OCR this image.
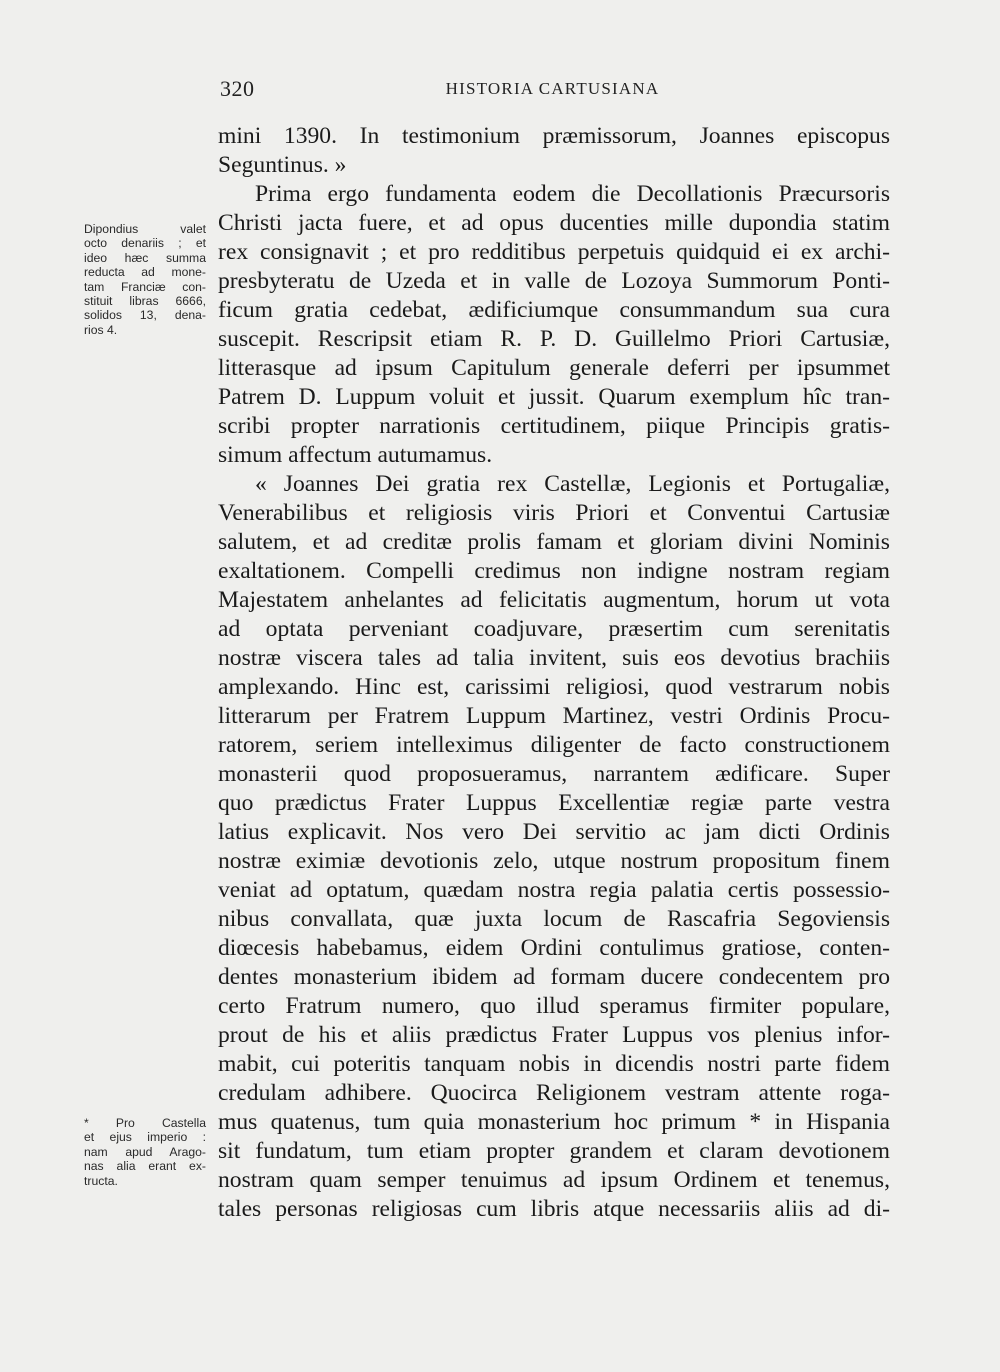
320	HISTORIA CARTUSIANA
Dipondius valet
octo denariis ; et
ideo hæc summa
reducta ad mone-
tam Franciæ con-
stituit libras 6666,
solidos 13, dena-
rios 4.
* Pro Castella
et ejus imperio :
nam apud Arago-
nas alia erant ex-
tructa.
mini 1390. In testimonium præmissorum, Joannes episcopus
Seguntinus. »
Prima ergo fundamenta eodem die Decollationis Præcursoris
Christi jacta fuere, et ad opus ducenties mille dupondia statim
rex consignavit ; et pro redditibus perpetuis quidquid ei ex archi-
presbyteratu de Uzeda et in valle de Lozoya Summorum Ponti-
ficum gratia cedebat, ædificiumque consummandum sua cura
suscepit. Rescripsit etiam R. P. D. Guillelmo Priori Cartusiæ,
litterasque ad ipsum Capitulum generale deferri per ipsummet
Patrem D. Luppum voluit et jussit. Quarum exemplum hîc tran-
scribi propter narrationis certitudinem, piique Principis gratis-
simum affectum autumamus.
« Joannes Dei gratia rex Castellæ, Legionis et Portugaliæ,
Venerabilibus et religiosis viris Priori et Conventui Cartusiæ
salutem, et ad creditæ prolis famam et gloriam divini Nominis
exaltationem. Compelli credimus non indigne nostram regiam
Majestatem anhelantes ad felicitatis augmentum, horum ut vota
ad optata perveniant coadjuvare, præsertim cum serenitatis
nostræ viscera tales ad talia invitent, suis eos devotius brachiis
amplexando. Hinc est, carissimi religiosi, quod vestrarum nobis
litterarum per Fratrem Luppum Martinez, vestri Ordinis Procu-
ratorem, seriem intelleximus diligenter de facto constructionem
monasterii quod proposueramus, narrantem ædificare. Super
quo prædictus Frater Luppus Excellentiæ regiæ parte vestra
latius explicavit. Nos vero Dei servitio ac jam dicti Ordinis
nostræ eximiæ devotionis zelo, utque nostrum propositum finem
veniat ad optatum, quædam nostra regia palatia certis possessio-
nibus convallata, quæ juxta locum de Rascafria Segoviensis
diœcesis habebamus, eidem Ordini contulimus gratiose, conten-
dentes monasterium ibidem ad formam ducere condecentem pro
certo Fratrum numero, quo illud speramus firmiter populare,
prout de his et aliis prædictus Frater Luppus vos plenius infor-
mabit, cui poteritis tanquam nobis in dicendis nostri parte fidem
credulam adhibere. Quocirca Religionem vestram attente roga-
mus quatenus, tum quia monasterium hoc primum * in Hispania
sit fundatum, tum etiam propter grandem et claram devotionem
nostram quam semper tenuimus ad ipsum Ordinem et tenemus,
tales personas religiosas cum libris atque necessariis aliis ad di-
